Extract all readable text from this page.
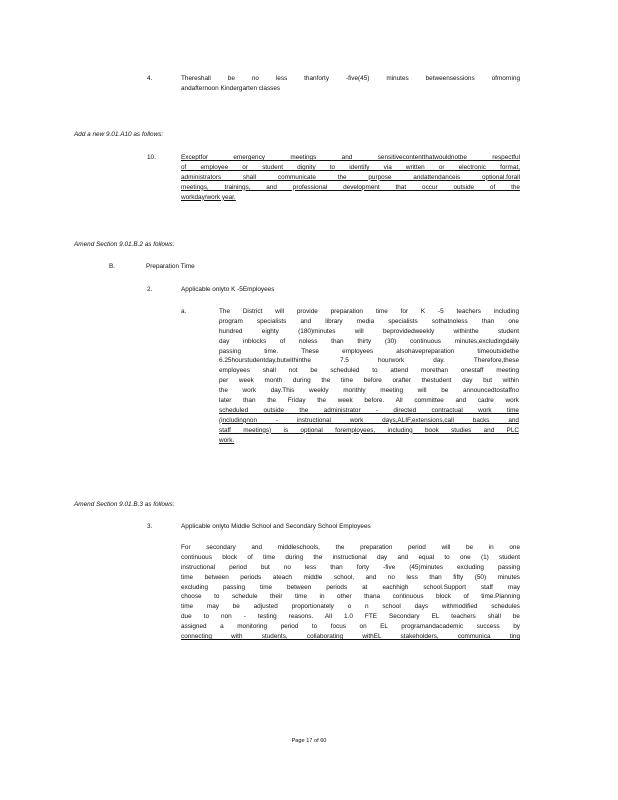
4.	Thereshall be no less thanforty -five(45) minutes betweensessions ofmorning
andafternoon Kindergarten classes
Add a new 9.01.A10 as follows:
10.	Exceptfor emergency meetings and sensitivecontentthatwouldnotbe respectful
of employee or student dignity to identify via written or electronic format,
administrators shall communicate the purpose andattendanceis optional.forall
meetings, trainings, and professional development that occur outside of the
workday/work year.
Amend Section 9.01.B.2 as follows:
B.	Preparation Time
2.	Applicable onlyto K -5Employees
a.	The District will provide preparation time for K -5 teachers including
program specialists and library media specialists sothatnoless than one
hundred eighty (180)minutes will beprovidedweekly withinthe student
day inblocks of noless than thirty (30) continuous minutes,excludingdaily
passing time. These employees alsohavepreparation timeoutsidethe
6.25hourstudentday,butwithinthe 7.5 hourwork day. Therefore,these
employees shall not be scheduled to attend morethan onestaff meeting
per week month during the time before orafter thestudent day but within
the work day.This weekly monthly meeting will be announcedtostaffno
later than the Friday the week before. All committee and cadre work
scheduled outside the administrator - directed contractual work time
(includingnon - instructional work days,ALIF,extensions,call backs and
staff meetings) is optional foremployees, including book studies and PLC
work.
Amend Section 9.01.B.3 as follows:
3.	Applicable onlyto Middle School and Secondary School Employees
For secondary and middleschools, the preparation period will be in one
continuous block of time during the instructional day and equal to one (1) student
instructional period but no less than forty -five (45)minutes excluding passing
time between periods ateach middle school, and no less than fifty (50) minutes
excluding passing time between periods at eachhigh school.Support staff may
choose to schedule their time in other thana continuous block of time.Planning
time may be adjusted proportionately o n school days withmodified schedules
due to non - testing reasons. All 1.0 FTE Secondary EL teachers shall be
assigned a monitoring period to focus on EL programandacademic success by
connecting with students, collaborating withEL stakeholders, communica ting
Page 17 of 60
